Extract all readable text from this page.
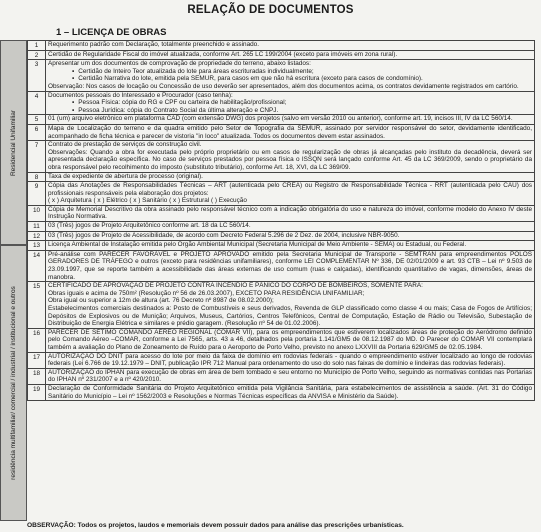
RELAÇÃO DE DOCUMENTOS
1 – LICENÇA DE OBRAS
Residencial Unifamiliar
residência multifamiliar/ comercial / industrial / institucional e outros
1	Requerimento padrão com Declaração, totalmente preenchido e assinado.
2	Certidão de Regularidade Fiscal do imóvel atualizada, conforme Art. 265 LC 199/2004 (exceto para imóveis em zona rural).
3	Apresentar um dos documentos de comprovação de propriedade do terreno, abaixo listados:
▪ Certidão de Inteiro Teor atualizada do lote para áreas escrituradas individualmente;
▪ Certidão Narrativa do lote, emitida pela SEMUR, para casos em que não há escritura (exceto para casos de condomínio).
Observação: Nos casos de locação ou Concessão de uso deverão ser apresentados, além dos documentos acima, os contratos devidamente registrados em cartório.
4	Documentos pessoais do Interessado e Procurador (caso tenha):
▪ Pessoa Física: cópia do RG e CPF ou carteira de habilitação/profissional;
▪ Pessoa Jurídica: cópia do Contrato Social da última alteração e CNPJ.
5	01 (um) arquivo eletrônico em plataforma CAD (com extensão DWG) dos projetos (salvo em versão 2010 ou anterior), conforme art. 19, incisos III, IV da LC 560/14.
6	Mapa de Localização do terreno e da quadra emitido pelo Setor de Topografia da SEMUR, assinado por servidor responsável do setor, devidamente identificado, acompanhado de ficha técnica e parecer de vistoria "in loco" atualizada. Todos os documentos devem estar assinados.
7	Contrato de prestação de serviços de construção civil.
Observações: Quando a obra for executada pelo próprio proprietário ou em casos de regularização de obras já alcançadas pelo instituto da decadência, deverá ser apresentada declaração específica. No caso de serviços prestados por pessoa física o ISSQN será lançado conforme Art. 45 da LC 369/2009, sendo o proprietário da obra responsável pelo recolhimento do imposto (substituto tributário), conforme Art. 18, XVI, da LC 369/09.
8	Taxa de expediente de abertura de processo (original).
9	Cópia das Anotações de Responsabilidades Técnicas – ART (autenticada pelo CREA) ou Registro de Responsabilidade Técnica - RRT (autenticada pelo CAU) dos profissionais responsáveis pela elaboração dos projetos:
( x ) Arquitetura ( x ) Elétrico ( x ) Sanitário ( x ) Estrutural ( ) Execução
10	Cópia de Memorial Descritivo da obra assinado pelo responsável técnico com a indicação obrigatória do uso e natureza do imóvel, conforme modelo do Anexo IV deste Instrução Normativa.
11	03 (Três) jogos de Projeto Arquitetônico conforme art. 18 da LC 560/14.
12	03 (Três) jogos de Projeto de Acessibilidade, de acordo com Decreto Federal 5.296 de 2 Dez. de 2004, inclusive NBR-9050.
13	Licença Ambiental de Instalação emitida pelo Órgão Ambiental Municipal (Secretaria Municipal de Meio Ambiente - SEMA) ou Estadual, ou Federal.
14	Pré-análise com PARECER FAVORÁVEL e PROJETO APROVADO emitido pela Secretaria Municipal de Transporte - SEMTRAN para empreendimentos PÓLOS GERADORES DE TRÁFEGO e outros (exceto para residências unifamiliares), conforme LEI COMPLEMENTAR Nº 336, DE 02/01/2009 e art. 93 CTB – Lei nº 9.503 de 23.09.1997, que se reporte também a acessibilidade das áreas externas de uso comum (ruas e calçadas), identificando quantitativo de vagas, dimensões, áreas de manobra.
15	CERTIFICADO DE APROVAÇÃO DE PROJETO CONTRA INCÊNDIO E PÂNICO DO CORPO DE BOMBEIROS, SOMENTE PARA:
Obras iguais e acima de 750m² (Resolução nº 56 de 26.03.2007), EXCETO PARA RESIDÊNCIA UNIFAMILIAR;
Obra igual ou superior a 12m de altura (art. 76 Decreto nº 8987 de 08.02.2000);
Estabelecimentos comerciais destinados a: Posto de Combustíveis e seus derivados, Revenda de GLP classificado como classe 4 ou mais; Casa de Fogos de Artifícios; Depósitos de Explosivos ou de Munição; Arquivos, Museus, Cartórios, Centros Telefônicos, Central de Computação, Estação de Rádio ou Televisão, Subestação de Distribuição de Energia Elétrica e similares e prédio garagem. (Resolução nº 54 de 01.02.2006).
16	PARECER DE SÉTIMO COMANDO AÉREO REGIONAL (COMAR VII), para os empreendimentos que estiverem localizados áreas de proteção do Aeródromo definido pelo Comando Aéreo –COMAR, conforme a Lei 7565, arts. 43 a 46, detalhados pela portaria 1.141/GM5 de 08.12.1987 do MD. O Parecer do COMAR VII contemplará também a avaliação do Plano de Zoneamento de Ruído para o Aeroporto de Porto Velho, previsto no anexo LXXVIII da Portaria 629/GM5 de 02.05.1984.
17	AUTORIZAÇÃO DO DNIT para acesso do lote por meio da faixa de domínio em rodovias federais - quando o empreendimento estiver localizado ao longo de rodovias federais (Lei 6.766 de 19.12.1979 – DNIT, publicação IPR 712 Manual para ordenamento do uso do solo nas faixas de domínio e lindeiras das rodovias federais).
18	AUTORIZAÇÃO do IPHAN para execução de obras em área de bem tombado e seu entorno no Município de Porto Velho, seguindo as normativas contidas nas Portarias do IPHAN nº 231/2007 e a nº 420/2010.
19	Declaração de Conformidade Sanitária do Projeto Arquitetônico emitida pela Vigilância Sanitária, para estabelecimentos de assistência a saúde. (Art. 31 do Código Sanitário do Município – Lei nº 1562/2003 e Resoluções e Normas Técnicas específicas da ANVISA e Ministério da Saúde).
OBSERVAÇÃO: Todos os projetos, laudos e memoriais devem possuir dados para análise das prescrições urbanísticas.
